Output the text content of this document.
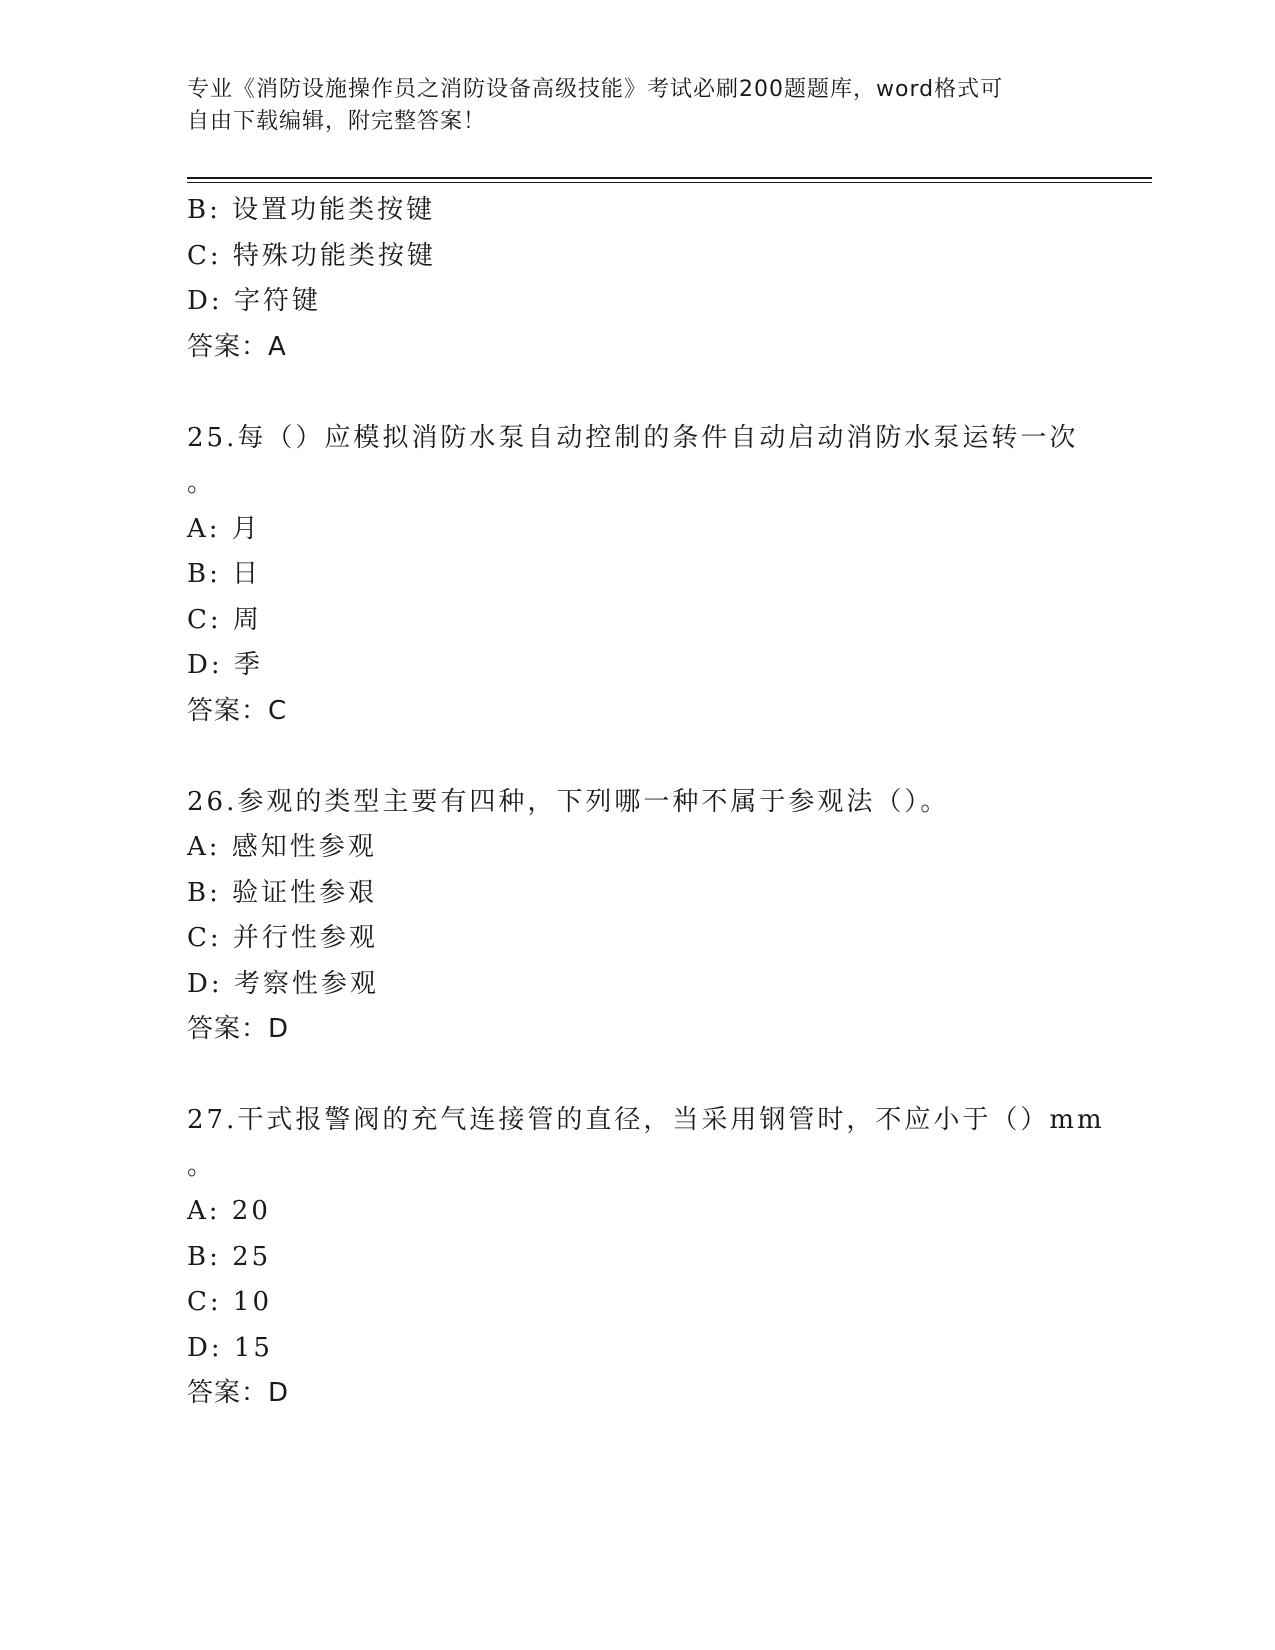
专业《消防设施操作员之消防设备高级技能》考试必刷200题题库，word格式可
自由下载编辑，附完整答案！
B: 设置功能类按键
C: 特殊功能类按键
D: 字符键
答案：A
25.每（）应模拟消防水泵自动控制的条件自动启动消防水泵运转一次
。
A: 月
B: 日
C: 周
D: 季
答案：C
26.参观的类型主要有四种，下列哪一种不属于参观法（）。
A: 感知性参观
B: 验证性参艰
C: 并行性参观
D: 考察性参观
答案：D
27.干式报警阀的充气连接管的直径，当采用钢管时，不应小于（）mm
。
A: 20
B: 25
C: 10
D: 15
答案：D
